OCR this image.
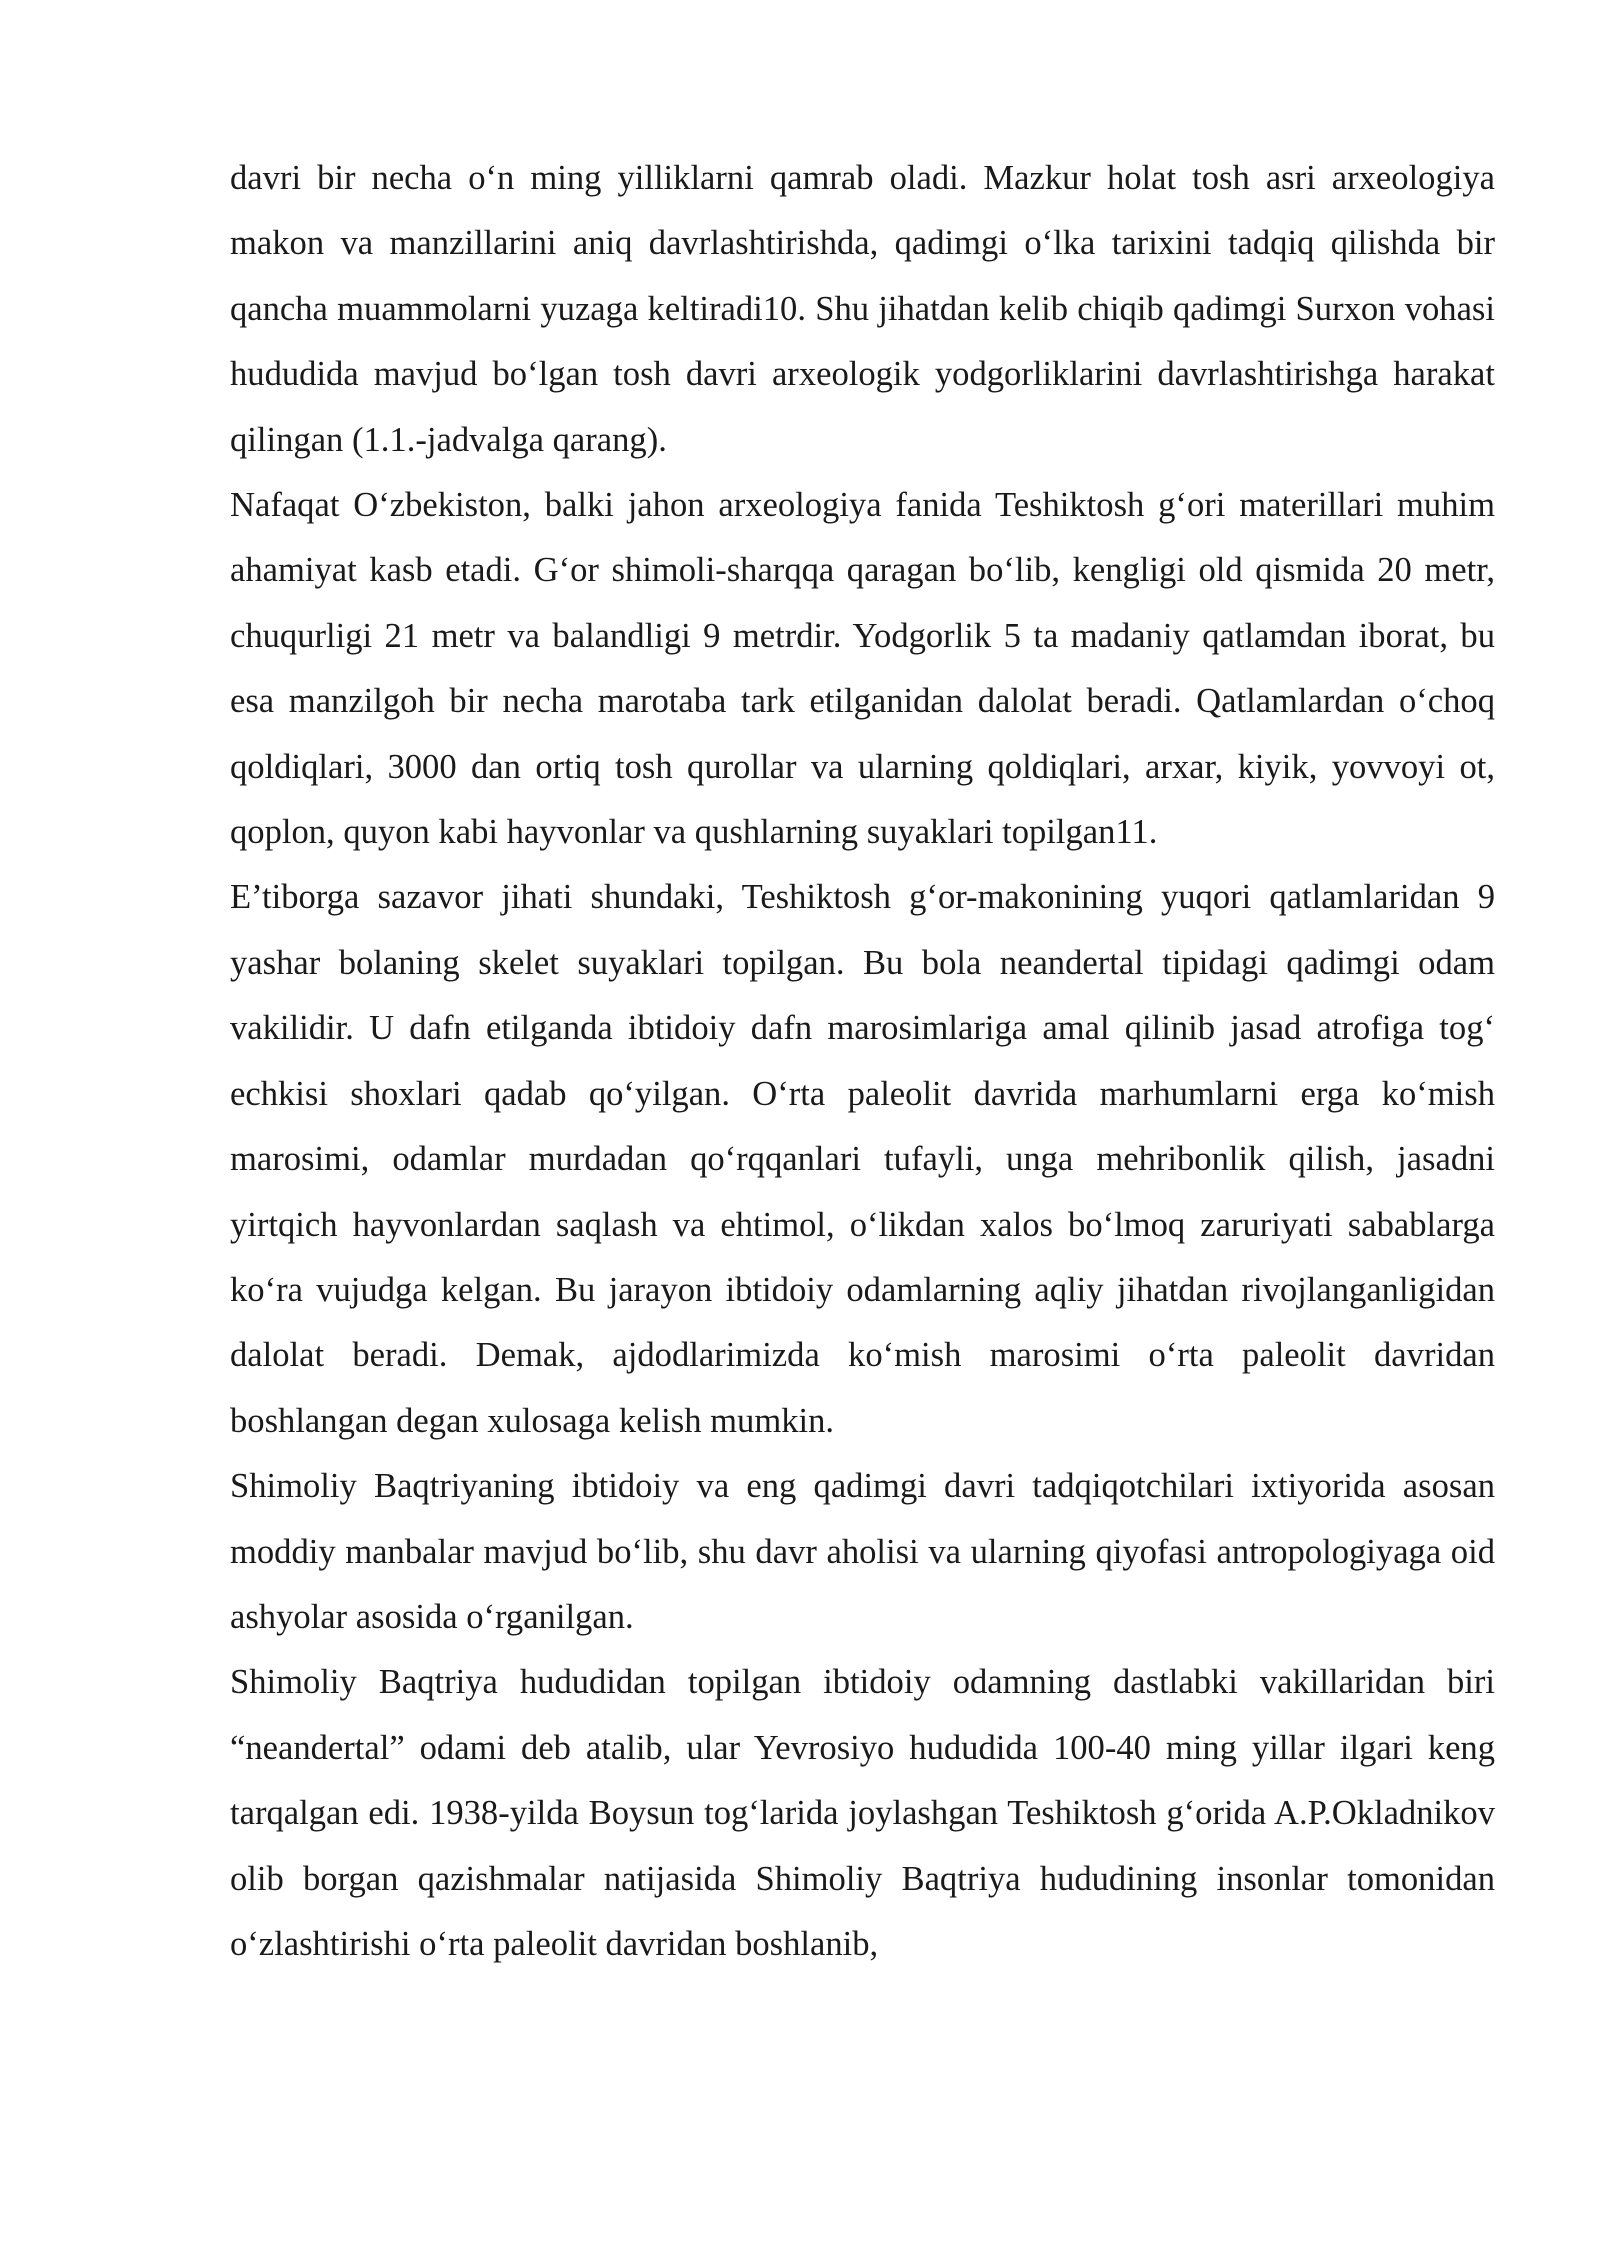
davri bir necha o‘n ming yilliklarni qamrab oladi. Mazkur holat tosh asri arxeologiya makon va manzillarini aniq davrlashtirishda, qadimgi o‘lka tarixini tadqiq qilishda bir qancha muammolarni yuzaga keltiradi10. Shu jihatdan kelib chiqib qadimgi Surxon vohasi hududida mavjud bo‘lgan tosh davri arxeologik yodgorliklarini davrlashtirishga harakat qilingan (1.1.-jadvalga qarang).

Nafaqat O‘zbekiston, balki jahon arxeologiya fanida Teshiktosh g‘ori materillari muhim ahamiyat kasb etadi. G‘or shimoli-sharqqa qaragan bo‘lib, kengligi old qismida 20 metr, chuqurligi 21 metr va balandligi 9 metrdir. Yodgorlik 5 ta madaniy qatlamdan iborat, bu esa manzilgoh bir necha marotaba tark etilganidan dalolat beradi. Qatlamlardan o‘choq qoldiqlari, 3000 dan ortiq tosh qurollar va ularning qoldiqlari, arxar, kiyik, yovvoyi ot, qoplon, quyon kabi hayvonlar va qushlarning suyaklari topilgan11.

E’tiborga sazavor jihati shundaki, Teshiktosh g‘or-makonining yuqori qatlamlaridan 9 yashar bolaning skelet suyaklari topilgan. Bu bola neandertal tipidagi qadimgi odam vakilidir. U dafn etilganda ibtidoiy dafn marosimlariga amal qilinib jasad atrofiga tog‘ echkisi shoxlari qadab qo‘yilgan. O‘rta paleolit davrida marhumlarni erga ko‘mish marosimi, odamlar murdadan qo‘rqqanlari tufayli, unga mehribonlik qilish, jasadni yirtqich hayvonlardan saqlash va ehtimol, o‘likdan xalos bo‘lmoq zaruriyati sabablarga ko‘ra vujudga kelgan. Bu jarayon ibtidoiy odamlarning aqliy jihatdan rivojlanganligidan dalolat beradi. Demak, ajdodlarimizda ko‘mish marosimi o‘rta paleolit davridan boshlangan degan xulosaga kelish mumkin.

Shimoliy Baqtriyaning ibtidoiy va eng qadimgi davri tadqiqotchilari ixtiyorida asosan moddiy manbalar mavjud bo‘lib, shu davr aholisi va ularning qiyofasi antropologiyaga oid ashyolar asosida o‘rganilgan.

Shimoliy Baqtriya hududidan topilgan ibtidoiy odamning dastlabki vakillaridan biri “neandertal” odami deb atalib, ular Yevrosiyo hududida 100-40 ming yillar ilgari keng tarqalgan edi. 1938-yilda Boysun tog‘larida joylashgan Teshiktosh g‘orida A.P.Okladnikov olib borgan qazishmalar natijasida Shimoliy Baqtriya hududining insonlar tomonidan o‘zlashtirishi o‘rta paleolit davridan boshlanib,
